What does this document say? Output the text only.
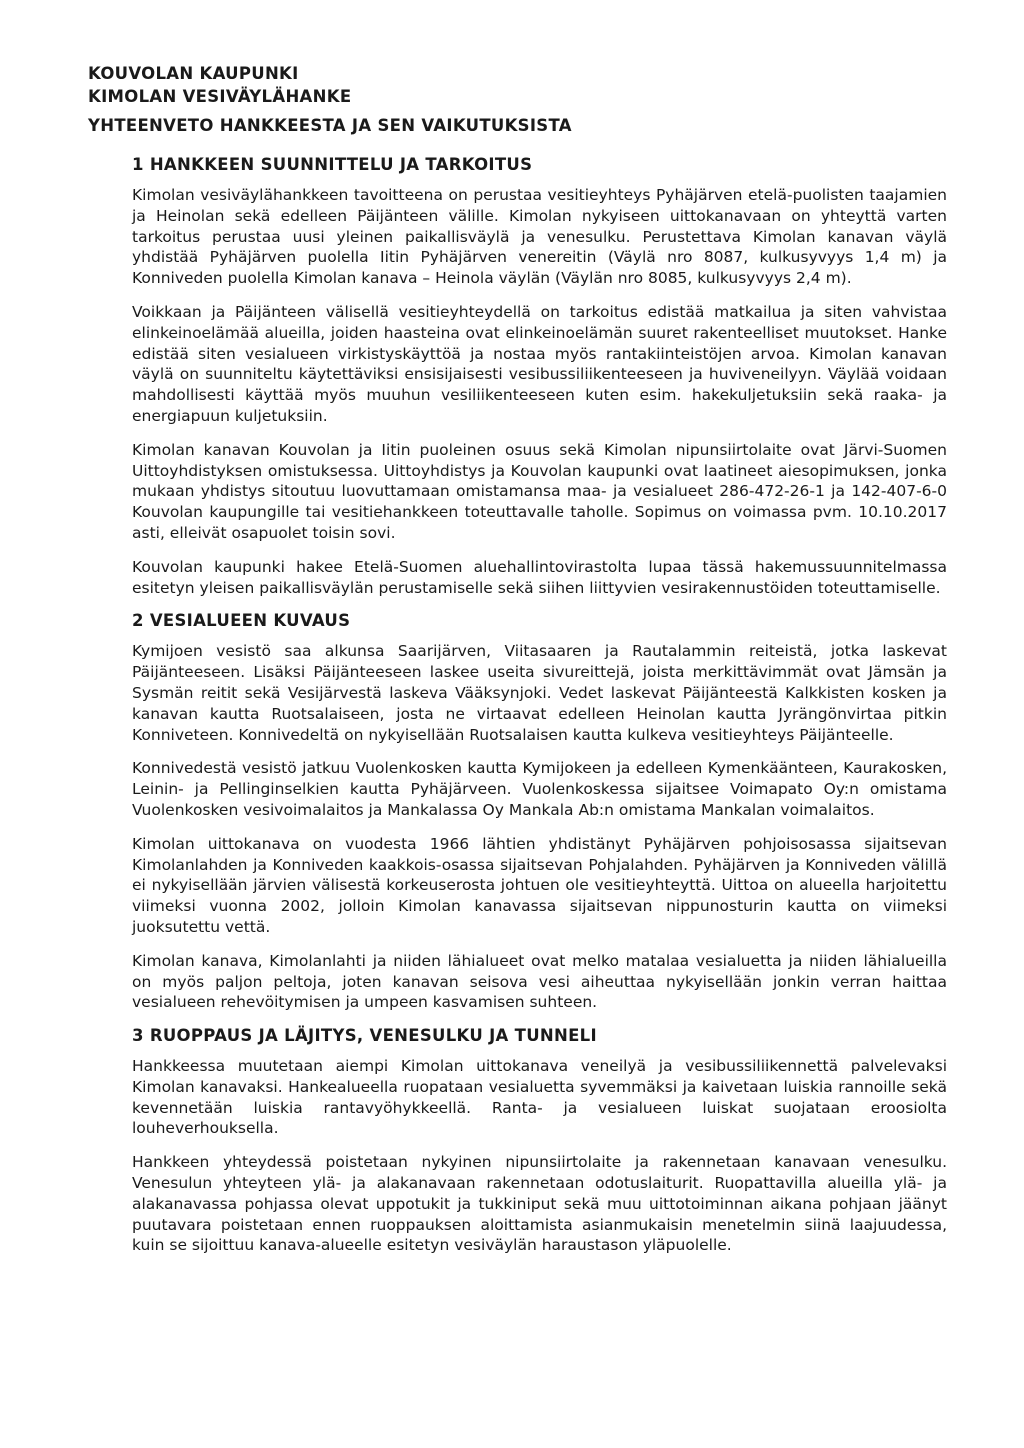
KOUVOLAN KAUPUNKI
KIMOLAN VESIVÄYLÄHANKE
YHTEENVETO HANKKEESTA JA SEN VAIKUTUKSISTA
1 HANKKEEN SUUNNITTELU JA TARKOITUS

Kimolan vesiväylähankkeen tavoitteena on perustaa vesitieyhteys Pyhäjärven etelä-puolisten taajamien ja Heinolan sekä edelleen Päijänteen välille. Kimolan nykyiseen uittokanavaan on yhteyttä varten tarkoitus perustaa uusi yleinen paikallisväylä ja venesulku. Perustettava Kimolan kanavan väylä yhdistää Pyhäjärven puolella Iitin Pyhäjärven venereitin (Väylä nro 8087, kulkusyvyys 1,4 m) ja Konniveden puolella Kimolan kanava – Heinola väylän (Väylän nro 8085, kulkusyvyys 2,4 m).

Voikkaan ja Päijänteen välisellä vesitieyhteydellä on tarkoitus edistää matkailua ja siten vahvistaa elinkeinoelämää alueilla, joiden haasteina ovat elinkeinoelämän suuret rakenteelliset muutokset. Hanke edistää siten vesialueen virkistyskäyttöä ja nostaa myös rantakiinteistöjen arvoa. Kimolan kanavan väylä on suunniteltu käytettäviksi ensisijaisesti vesibussiliikenteeseen ja huviveneilyyn. Väylää voidaan mahdollisesti käyttää myös muuhun vesiliikenteeseen kuten esim. hakekuljetuksiin sekä raaka- ja energiapuun kuljetuksiin.

Kimolan kanavan Kouvolan ja Iitin puoleinen osuus sekä Kimolan nipunsiirtolaite ovat Järvi-Suomen Uittoyhdistyksen omistuksessa. Uittoyhdistys ja Kouvolan kaupunki ovat laatineet aiesopimuksen, jonka mukaan yhdistys sitoutuu luovuttamaan omistamansa maa- ja vesialueet 286-472-26-1 ja 142-407-6-0 Kouvolan kaupungille tai vesitiehankkeen toteuttavalle taholle. Sopimus on voimassa pvm. 10.10.2017 asti, elleivät osapuolet toisin sovi.

Kouvolan kaupunki hakee Etelä-Suomen aluehallintovirastolta lupaa tässä hakemussuunnitelmassa esitetyn yleisen paikallisväylän perustamiselle sekä siihen liittyvien vesirakennustöiden toteuttamiselle.

2 VESIALUEEN KUVAUS

Kymijoen vesistö saa alkunsa Saarijärven, Viitasaaren ja Rautalammin reiteistä, jotka laskevat Päijänteeseen. Lisäksi Päijänteeseen laskee useita sivureittejä, joista merkittävimmät ovat Jämsän ja Sysmän reitit sekä Vesijärvestä laskeva Vääksynjoki. Vedet laskevat Päijänteestä Kalkkisten kosken ja kanavan kautta Ruotsalaiseen, josta ne virtaavat edelleen Heinolan kautta Jyrängönvirtaa pitkin Konniveteen. Konnivedeltä on nykyisellään Ruotsalaisen kautta kulkeva vesitieyhteys Päijänteelle.

Konnivedestä vesistö jatkuu Vuolenkosken kautta Kymijokeen ja edelleen Kymenkäänteen, Kaurakosken, Leinin- ja Pellinginselkien kautta Pyhäjärveen. Vuolenkoskessa sijaitsee Voimapato Oy:n omistama Vuolenkosken vesivoimalaitos ja Mankalassa Oy Mankala Ab:n omistama Mankalan voimalaitos.

Kimolan uittokanava on vuodesta 1966 lähtien yhdistänyt Pyhäjärven pohjoisosassa sijaitsevan Kimolanlahden ja Konniveden kaakkois-osassa sijaitsevan Pohjalahden. Pyhäjärven ja Konniveden välillä ei nykyisellään järvien välisestä korkeuserosta johtuen ole vesitieyhteyttä. Uittoa on alueella harjoitettu viimeksi vuonna 2002, jolloin Kimolan kanavassa sijaitsevan nippunosturin kautta on viimeksi juoksutettu vettä.

Kimolan kanava, Kimolanlahti ja niiden lähialueet ovat melko matalaa vesialuetta ja niiden lähialueilla on myös paljon peltoja, joten kanavan seisova vesi aiheuttaa nykyisellään jonkin verran haittaa vesialueen rehevöitymisen ja umpeen kasvamisen suhteen.

3 RUOPPAUS JA LÄJITYS, VENESULKU JA TUNNELI

Hankkeessa muutetaan aiempi Kimolan uittokanava veneilyä ja vesibussiliikennettä palvelevaksi Kimolan kanavaksi. Hankealueella ruopataan vesialuetta syvemmäksi ja kaivetaan luiskia rannoille sekä kevennetään luiskia rantavyöhykkeellä. Ranta- ja vesialueen luiskat suojataan eroosiolta louheverhouksella.

Hankkeen yhteydessä poistetaan nykyinen nipunsiirtolaite ja rakennetaan kanavaan venesulku. Venesulun yhteyteen ylä- ja alakanavaan rakennetaan odotuslaiturit. Ruopattavilla alueilla ylä- ja alakanavassa pohjassa olevat uppotukit ja tukkiniput sekä muu uittotoiminnan aikana pohjaan jäänyt puutavara poistetaan ennen ruoppauksen aloittamista asianmukaisin menetelmin siinä laajuudessa, kuin se sijoittuu kanava-alueelle esitetyn vesiväylän haraustason yläpuolelle.
